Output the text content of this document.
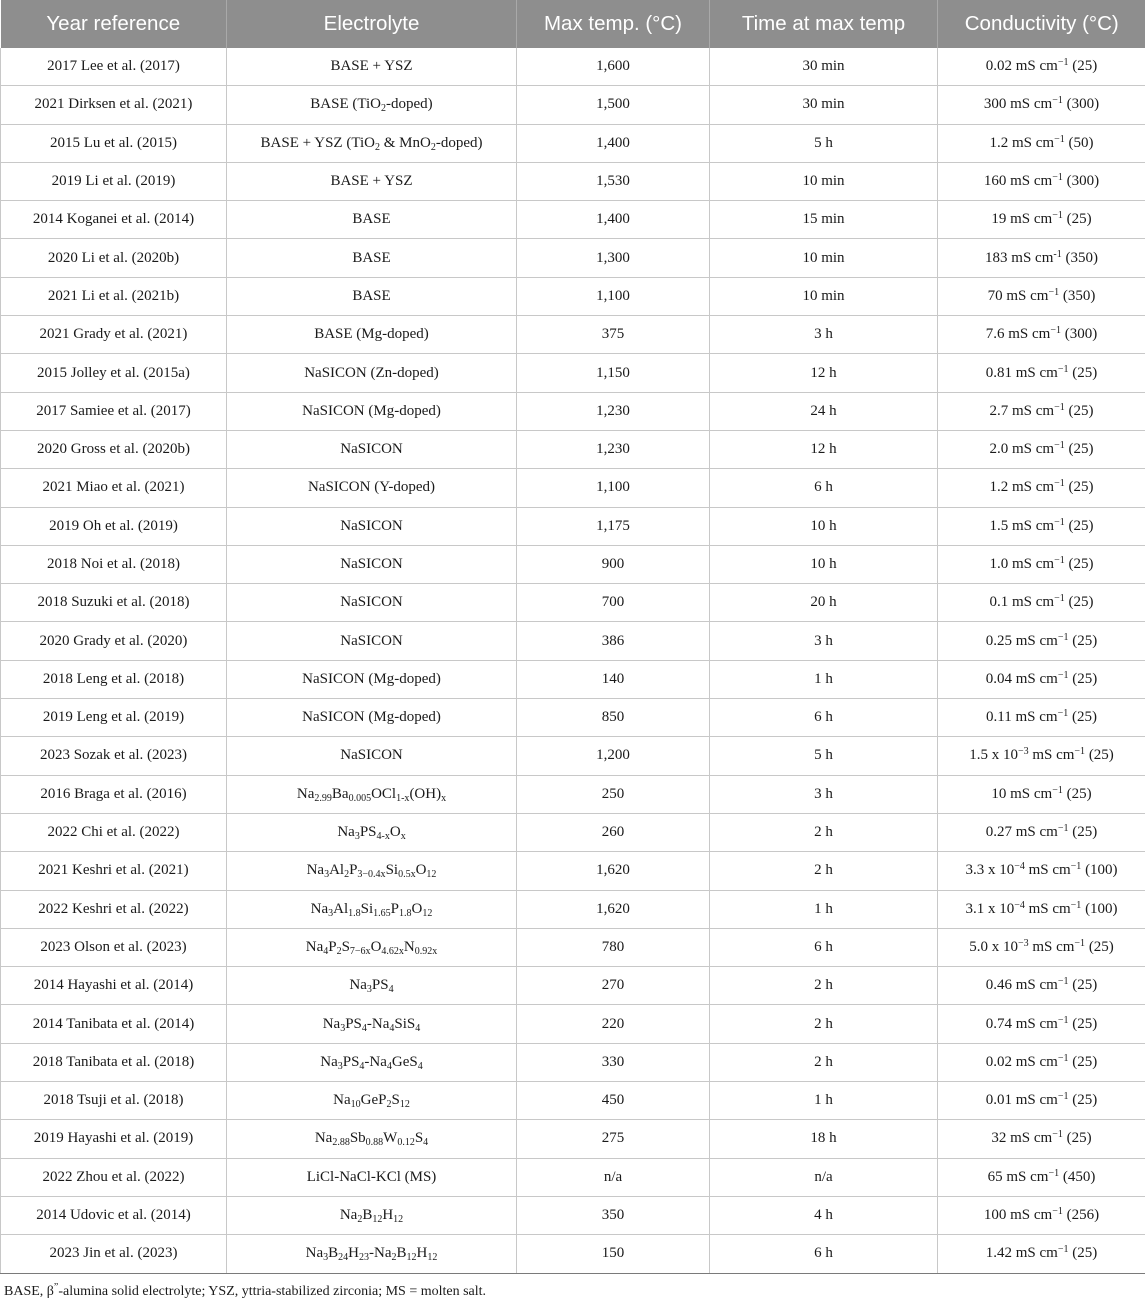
Year reference	Electrolyte	Max temp. (°C)	Time at max temp	Conductivity (°C)
2017 Lee et al. (2017)	BASE + YSZ	1,600	30 min	0.02 mS $cm^{-1}$ (25)
2021 Dirksen et al. (2021)	BASE (TiO$_2$-doped)	1,500	30 min	300 mS $cm^{-1}$ (300)
2015 Lu et al. (2015)	BASE + YSZ (TiO$_2$ & MnO$_2$-doped)	1,400	5 h	1.2 mS $cm^{-1}$ (50)
2019 Li et al. (2019)	BASE + YSZ	1,530	10 min	160 mS $cm^{-1}$ (300)
2014 Koganei et al. (2014)	BASE	1,400	15 min	19 mS $cm^{-1}$ (25)
2020 Li et al. (2020b)	BASE	1,300	10 min	183 mS $cm^{-1}$ (350)
2021 Li et al. (2021b)	BASE	1,100	10 min	70 mS $cm^{-1}$ (350)
2021 Grady et al. (2021)	BASE (Mg-doped)	375	3 h	7.6 mS $cm^{-1}$ (300)
2015 Jolley et al. (2015a)	NaSICON (Zn-doped)	1,150	12 h	0.81 mS $cm^{-1}$ (25)
2017 Samiee et al. (2017)	NaSICON (Mg-doped)	1,230	24 h	2.7 mS $cm^{-1}$ (25)
2020 Gross et al. (2020b)	NaSICON	1,230	12 h	2.0 mS $cm^{-1}$ (25)
2021 Miao et al. (2021)	NaSICON (Y-doped)	1,100	6 h	1.2 mS $cm^{-1}$ (25)
2019 Oh et al. (2019)	NaSICON	1,175	10 h	1.5 mS $cm^{-1}$ (25)
2018 Noi et al. (2018)	NaSICON	900	10 h	1.0 mS $cm^{-1}$ (25)
2018 Suzuki et al. (2018)	NaSICON	700	20 h	0.1 mS $cm^{-1}$ (25)
2020 Grady et al. (2020)	NaSICON	386	3 h	0.25 mS $cm^{-1}$ (25)
2018 Leng et al. (2018)	NaSICON (Mg-doped)	140	1 h	0.04 mS $cm^{-1}$ (25)
2019 Leng et al. (2019)	NaSICON (Mg-doped)	850	6 h	0.11 mS $cm^{-1}$ (25)
2023 Sozak et al. (2023)	NaSICON	1,200	5 h	1.5 x $10^{-3}$ mS $cm^{-1}$ (25)
2016 Braga et al. (2016)	$Na_{2.99}Ba_{0.005}OCl_{1-x}(OH)_x$	250	3 h	10 mS $cm^{-1}$ (25)
2022 Chi et al. (2022)	$Na_3PS_{4-x}O_x$	260	2 h	0.27 mS $cm^{-1}$ (25)
2021 Keshri et al. (2021)	$Na_3Al_2P_{3-0.4x}Si_{0.5x}O_{12}$	1,620	2 h	3.3 x $10^{-4}$ mS $cm^{-1}$ (100)
2022 Keshri et al. (2022)	$Na_3Al_{1.8}Si_{1.65}P_{1.8}O_{12}$	1,620	1 h	3.1 x $10^{-4}$ mS $cm^{-1}$ (100)
2023 Olson et al. (2023)	$Na_4P_2S_{7-6x}O_{4.62x}N_{0.92x}$	780	6 h	5.0 x $10^{-3}$ mS $cm^{-1}$ (25)
2014 Hayashi et al. (2014)	$Na_3PS_4$	270	2 h	0.46 mS $cm^{-1}$ (25)
2014 Tanibata et al. (2014)	$Na_3PS_4-Na_4SiS_4$	220	2 h	0.74 mS $cm^{-1}$ (25)
2018 Tanibata et al. (2018)	$Na_3PS_4-Na_4GeS_4$	330	2 h	0.02 mS $cm^{-1}$ (25)
2018 Tsuji et al. (2018)	$Na_{10}GeP_2S_{12}$	450	1 h	0.01 mS $cm^{-1}$ (25)
2019 Hayashi et al. (2019)	$Na_{2.88}Sb_{0.88}W_{0.12}S_4$	275	18 h	32 mS $cm^{-1}$ (25)
2022 Zhou et al. (2022)	LiCl-NaCl-KCl (MS)	n/a	n/a	65 mS $cm^{-1}$ (450)
2014 Udovic et al. (2014)	$Na_2B_{12}H_{12}$	350	4 h	100 mS $cm^{-1}$ (256)
2023 Jin et al. (2023)	$Na_3B_{24}H_{23}-Na_2B_{12}H_{12}$	150	6 h	1.42 mS $cm^{-1}$ (25)
BASE, β”-alumina solid electrolyte; YSZ, yttria-stabilized zirconia; MS = molten salt.
